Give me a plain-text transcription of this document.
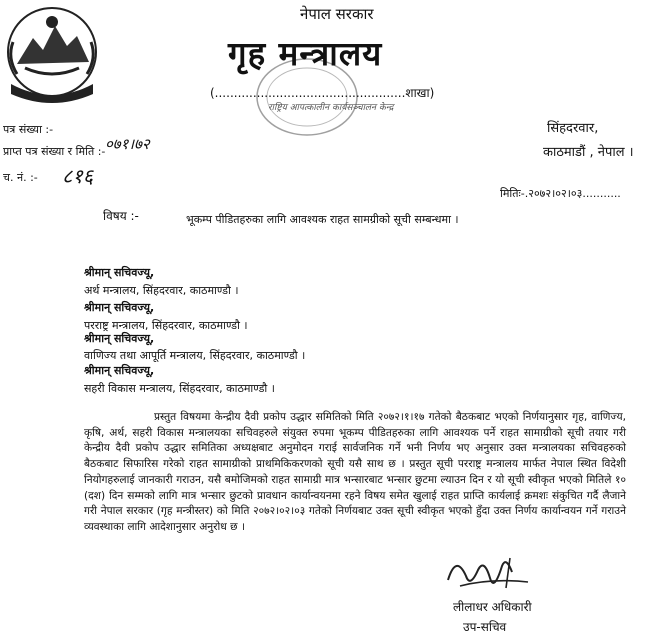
नेपाल सरकार
गृह मन्त्रालय
(..................................................शाखा)
राष्ट्रिय आपत्कालीन कार्यसञ्चालन केन्द्र
पत्र संख्या :-
प्राप्त पत्र संख्या र मिति :- ०७१।७२
च. नं. :- ८१६
सिंहदरवार,
काठमाडौं , नेपाल ।
मितिः-.२०७२।०२।०३...........
विषय :-	भूकम्प पीडितहरुका लागि आवश्यक राहत सामग्रीको सूची सम्बन्धमा ।
श्रीमान् सचिवज्यू,
अर्थ मन्त्रालय, सिंहदरवार, काठमाण्डौ ।
श्रीमान् सचिवज्यू,
परराष्ट्र मन्त्रालय, सिंहदरवार, काठमाण्डौ ।
श्रीमान् सचिवज्यू,
वाणिज्य तथा आपूर्ति मन्त्रालय, सिंहदरवार, काठमाण्डौ ।
श्रीमान् सचिवज्यू,
सहरी विकास मन्त्रालय, सिंहदरवार, काठमाण्डौ ।
प्रस्तुत विषयमा केन्द्रीय दैवी प्रकोप उद्धार समितिको मिति २०७२।१।१७ गतेको बैठकबाट भएको निर्णयानुसार गृह, वाणिज्य, कृषि, अर्थ, सहरी विकास मन्त्रालयका सचिवहरुले संयुक्त रुपमा भूकम्प पीडितहरुका लागि आवश्यक पर्ने राहत सामाग्रीको सूची तयार गरी केन्द्रीय दैवी प्रकोप उद्धार समितिका अध्यक्षबाट अनुमोदन गराई सार्वजनिक गर्ने भनी निर्णय भए अनुसार उक्त मन्त्रालयका सचिवहरुको बैठकबाट सिफारिस गरेको राहत सामाग्रीको प्राथमिकिकरणको सूची यसै साथ छ । प्रस्तुत सूची परराष्ट्र मन्त्रालय मार्फत नेपाल स्थित विदेशी नियोगहरुलाई जानकारी गराउन, यसै बमोजिमको राहत सामाग्री मात्र भन्सारबाट भन्सार छुटमा ल्याउन दिन र यो सूची स्वीकृत भएको मितिले १० (दश) दिन सम्मको लागि मात्र भन्सार छुटको प्रावधान कार्यान्वयनमा रहने विषय समेत खुलाई राहत प्राप्ति कार्यलाई क्रमशः संकुचित गर्दै लैजाने गरी नेपाल सरकार (गृह मन्त्रीस्तर) को मिति २०७२।०२।०३ गतेको निर्णयबाट उक्त सूची स्वीकृत भएको हुँदा उक्त निर्णय कार्यान्वयन गर्ने गराउने व्यवस्थाका लागि आदेशानुसार अनुरोध छ ।
लीलाधर अधिकारी
उप-सचिव
